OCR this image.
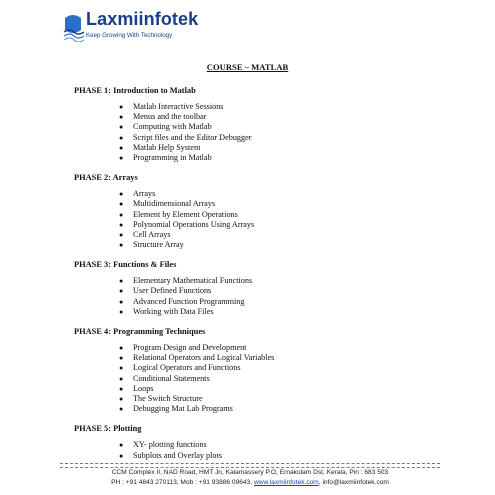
Laxmiinfotek
Keep Growing With Technology
COURSE – MATLAB
PHASE 1: Introduction to Matlab
● Matlab Interactive Sessions
● Menus and the toolbar
● Computing with Matlab
● Script files and the Editor Debugger
● Matlab Help System
● Programming in Matlab
PHASE 2: Arrays
● Arrays
● Multidimensional Arrays
● Element by Element Operations
● Polynomial Operations Using Arrays
● Cell Arrays
● Structure Array
PHASE 3: Functions & Files
● Elementary Mathematical Functions
● User Defined Functions
● Advanced Function Programming
● Working with Data Files
PHASE 4: Programming Techniques
● Program Design and Development
● Relational Operators and Logical Variables
● Logical Operators and Functions
● Conditional Statements
● Loops
● The Switch Structure
● Debugging Mat Lab Programs
PHASE 5: Plotting
● XY- plotting functions
● Subplots and Overlay plots
CCM Complex II, NAD Road, HMT Jn, Kalamassery P.O, Ernakulam Dst, Kerala, Pin : 683 503
PH : +91 4843 270113, Mob : +91 93886 09643, www.laxmiinfotek.com, info@laxmiinfotek.com
